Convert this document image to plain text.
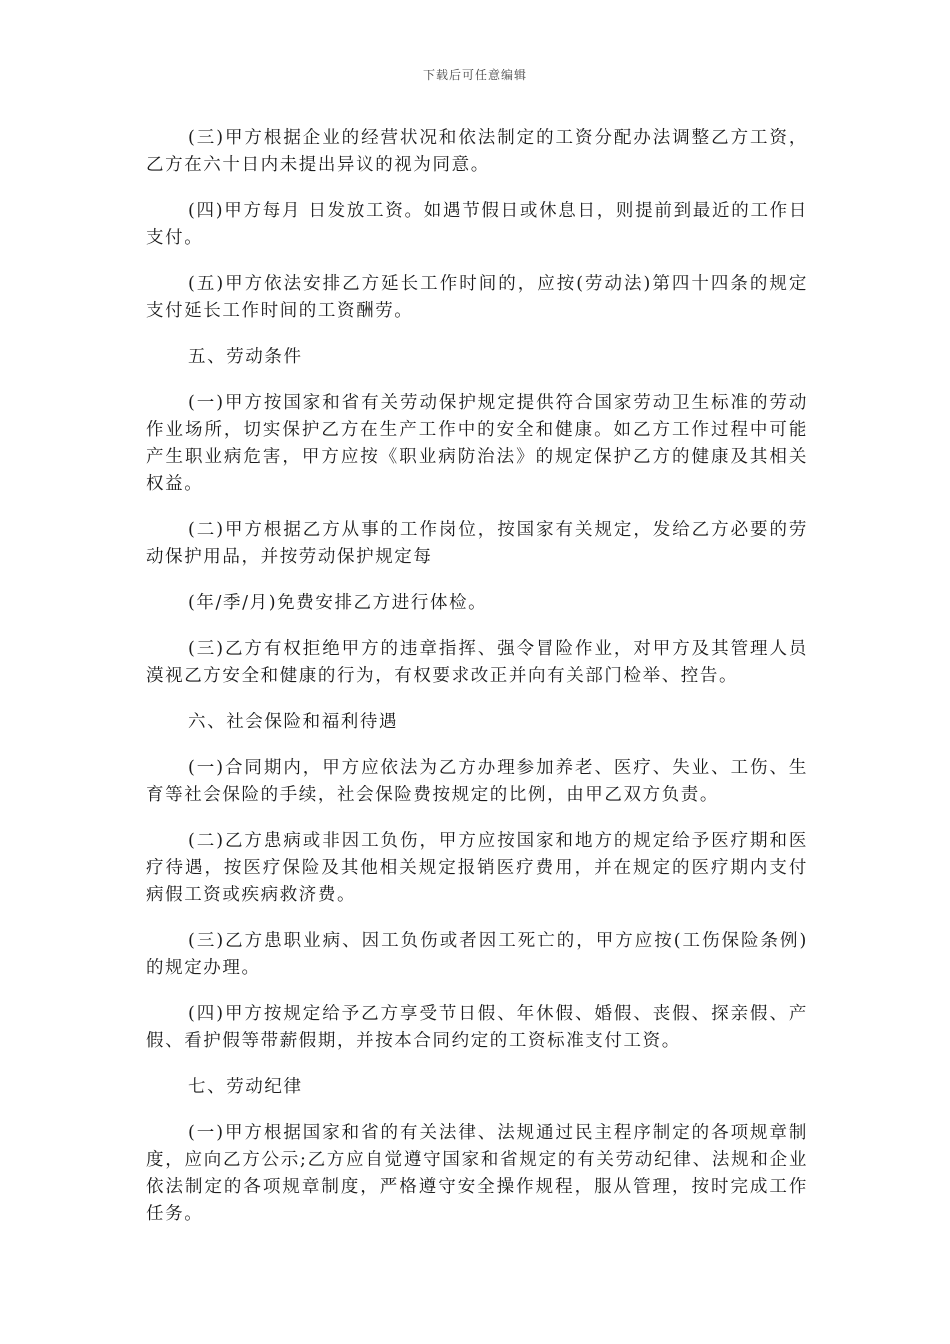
下载后可任意编辑

(三)甲方根据企业的经营状况和依法制定的工资分配办法调整乙方工资，乙方在六十日内未提出异议的视为同意。

(四)甲方每月 日发放工资。如遇节假日或休息日，则提前到最近的工作日支付。

(五)甲方依法安排乙方延长工作时间的，应按(劳动法)第四十四条的规定支付延长工作时间的工资酬劳。

五、劳动条件

(一)甲方按国家和省有关劳动保护规定提供符合国家劳动卫生标准的劳动作业场所，切实保护乙方在生产工作中的安全和健康。如乙方工作过程中可能产生职业病危害，甲方应按《职业病防治法》的规定保护乙方的健康及其相关权益。

(二)甲方根据乙方从事的工作岗位，按国家有关规定，发给乙方必要的劳动保护用品，并按劳动保护规定每

(年/季/月)免费安排乙方进行体检。

(三)乙方有权拒绝甲方的违章指挥、强令冒险作业，对甲方及其管理人员漠视乙方安全和健康的行为，有权要求改正并向有关部门检举、控告。

六、社会保险和福利待遇

(一)合同期内，甲方应依法为乙方办理参加养老、医疗、失业、工伤、生育等社会保险的手续，社会保险费按规定的比例，由甲乙双方负责。

(二)乙方患病或非因工负伤，甲方应按国家和地方的规定给予医疗期和医疗待遇，按医疗保险及其他相关规定报销医疗费用，并在规定的医疗期内支付病假工资或疾病救济费。

(三)乙方患职业病、因工负伤或者因工死亡的，甲方应按(工伤保险条例)的规定办理。

(四)甲方按规定给予乙方享受节日假、年休假、婚假、丧假、探亲假、产假、看护假等带薪假期，并按本合同约定的工资标准支付工资。

七、劳动纪律

(一)甲方根据国家和省的有关法律、法规通过民主程序制定的各项规章制度，应向乙方公示;乙方应自觉遵守国家和省规定的有关劳动纪律、法规和企业依法制定的各项规章制度，严格遵守安全操作规程，服从管理，按时完成工作任务。
